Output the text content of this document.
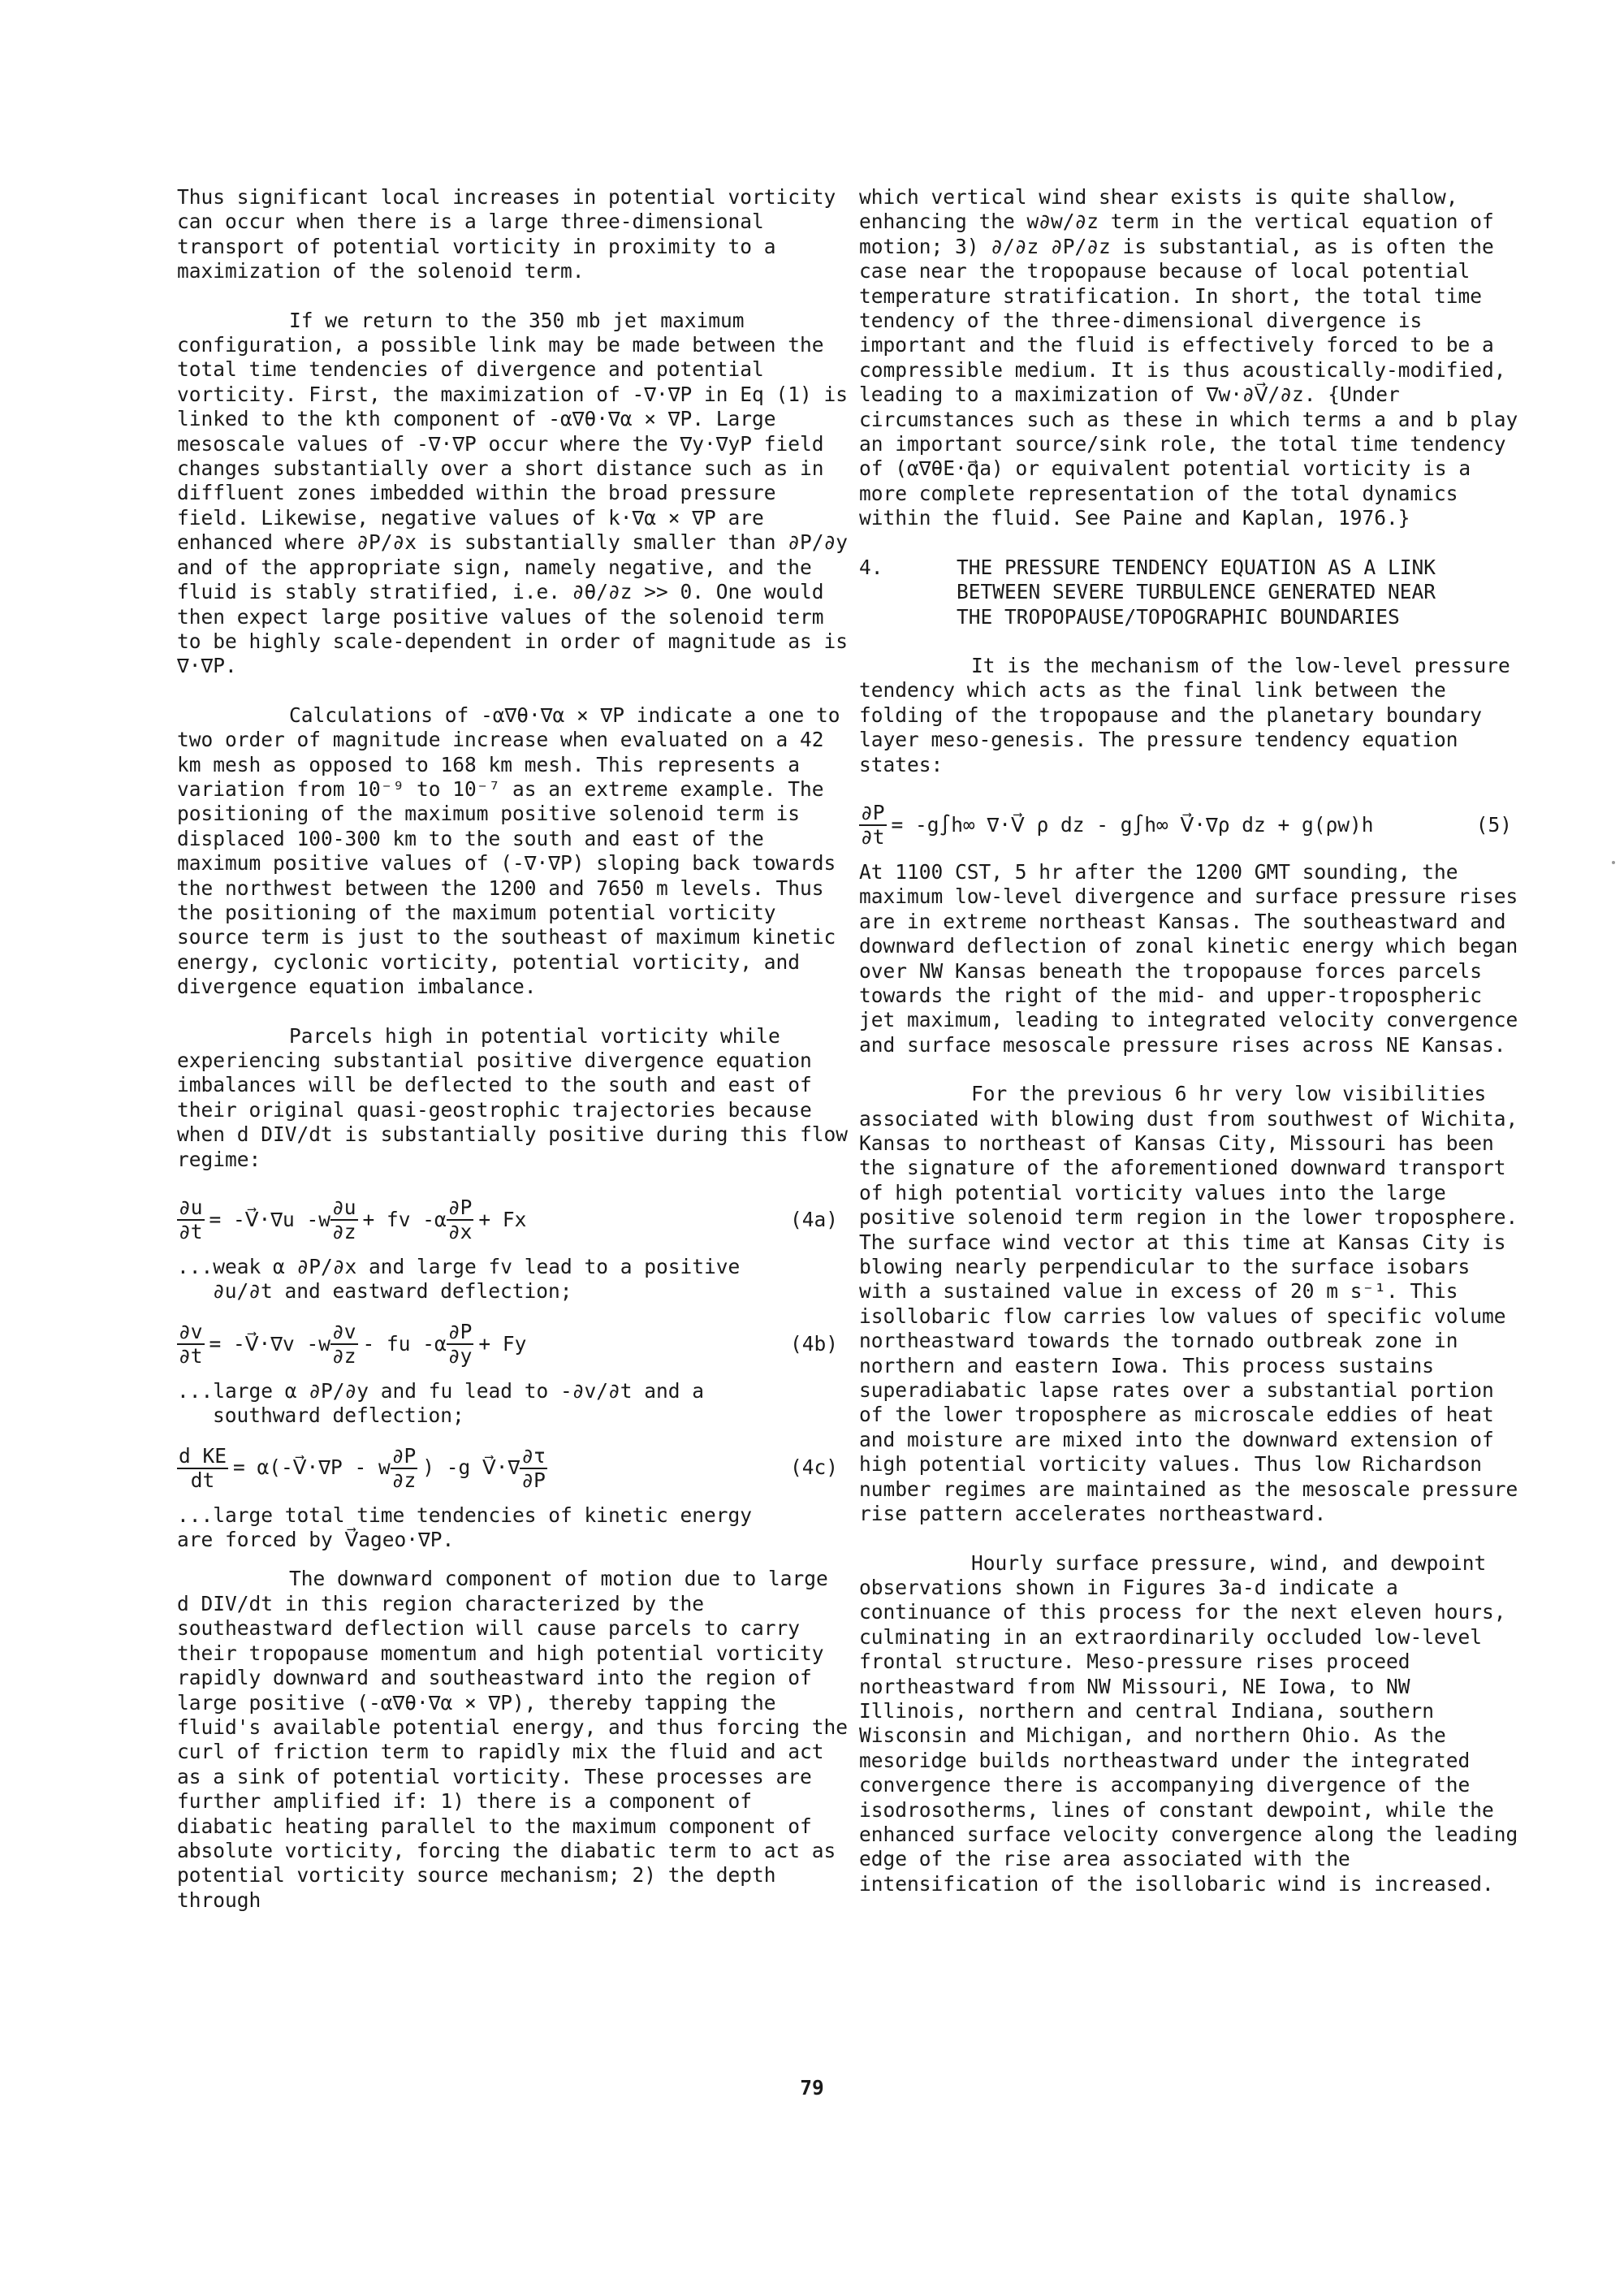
Thus significant local increases in potential vorticity can occur when there is a large three-dimensional transport of potential vorticity in proximity to a maximization of the solenoid term.

If we return to the 350 mb jet maximum configuration, a possible link may be made between the total time tendencies of divergence and potential vorticity. First, the maximization of -∇·∇P in Eq (1) is linked to the kth component of -α∇θ·∇α × ∇P. Large mesoscale values of -∇·∇P occur where the ∇y·∇yP field changes substantially over a short distance such as in diffluent zones imbedded within the broad pressure field. Likewise, negative values of k·∇α × ∇P are enhanced where ∂P/∂x is substantially smaller than ∂P/∂y and of the appropriate sign, namely negative, and the fluid is stably stratified, i.e. ∂θ/∂z >> 0. One would then expect large positive values of the solenoid term to be highly scale-dependent in order of magnitude as is ∇·∇P.

Calculations of -α∇θ·∇α × ∇P indicate a one to two order of magnitude increase when evaluated on a 42 km mesh as opposed to 168 km mesh. This represents a variation from 10⁻⁹ to 10⁻⁷ as an extreme example. The positioning of the maximum positive solenoid term is displaced 100-300 km to the south and east of the maximum positive values of (-∇·∇P) sloping back towards the northwest between the 1200 and 7650 m levels. Thus the positioning of the maximum potential vorticity source term is just to the southeast of maximum kinetic energy, cyclonic vorticity, potential vorticity, and divergence equation imbalance.

Parcels high in potential vorticity while experiencing substantial positive divergence equation imbalances will be deflected to the south and east of their original quasi-geostrophic trajectories because when d DIV/dt is substantially positive during this flow regime:

$\frac{\partial u}{\partial t}$ = -V⃗·∇u $-w \frac{\partial u}{\partial z}$ + fv $-\alpha \frac{\partial P}{\partial x} + Fx$	(4a)

...weak α ∂P/∂x and large fv lead to a positive
∂u/∂t and eastward deflection;

$\frac{\partial v}{\partial t}$ = -V⃗·∇v $-w \frac{\partial v}{\partial z}$ - fu $-\alpha \frac{\partial P}{\partial y} + Fy$	(4b)

...large α ∂P/∂y and fu lead to -∂v/∂t and a
southward deflection;

$\frac{\text{d KE}}{dt}$ = α(-V⃗·∇P - w $\frac{\partial P}{\partial z}$ ) -g V⃗·∇ $\frac{\partial\tau}{\partial P}$	(4c)

...large total time tendencies of kinetic energy
are forced by V⃗ageo·∇P.

The downward component of motion due to large d DIV/dt in this region characterized by the southeastward deflection will cause parcels to carry their tropopause momentum and high potential vorticity rapidly downward and southeastward into the region of large positive (-α∇θ·∇α × ∇P), thereby tapping the fluid's available potential energy, and thus forcing the curl of friction term to rapidly mix the fluid and act as a sink of potential vorticity. These processes are further amplified if: 1) there is a component of diabatic heating parallel to the maximum component of absolute vorticity, forcing the diabatic term to act as potential vorticity source mechanism; 2) the depth through

which vertical wind shear exists is quite shallow, enhancing the w∂w/∂z term in the vertical equation of motion; 3) ∂/∂z ∂P/∂z is substantial, as is often the case near the tropopause because of local potential temperature stratification. In short, the total time tendency of the three-dimensional divergence is important and the fluid is effectively forced to be a compressible medium. It is thus acoustically-modified, leading to a maximization of ∇w·∂V⃗/∂z. {Under circumstances such as these in which terms a and b play an important source/sink role, the total time tendency of (α∇θE·q⃗a) or equivalent potential vorticity is a more complete representation of the total dynamics within the fluid. See Paine and Kaplan, 1976.}

4.	THE PRESSURE TENDENCY EQUATION AS A LINK
BETWEEN SEVERE TURBULENCE GENERATED NEAR
THE TROPOPAUSE/TOPOGRAPHIC BOUNDARIES

It is the mechanism of the low-level pressure tendency which acts as the final link between the folding of the tropopause and the planetary boundary layer meso-genesis. The pressure tendency equation states:

$\frac{\partial P}{\partial t} = -g\int h\infty$ ∇·V⃗ ρ dz - g∫h∞ V⃗·∇ρ dz + g(ρw)h	(5)

At 1100 CST, 5 hr after the 1200 GMT sounding, the maximum low-level divergence and surface pressure rises are in extreme northeast Kansas. The southeastward and downward deflection of zonal kinetic energy which began over NW Kansas beneath the tropopause forces parcels towards the right of the mid- and upper-tropospheric jet maximum, leading to integrated velocity convergence and surface mesoscale pressure rises across NE Kansas.

For the previous 6 hr very low visibilities associated with blowing dust from southwest of Wichita, Kansas to northeast of Kansas City, Missouri has been the signature of the aforementioned downward transport of high potential vorticity values into the large positive solenoid term region in the lower troposphere. The surface wind vector at this time at Kansas City is blowing nearly perpendicular to the surface isobars with a sustained value in excess of 20 m s⁻¹. This isollobaric flow carries low values of specific volume northeastward towards the tornado outbreak zone in northern and eastern Iowa. This process sustains superadiabatic lapse rates over a substantial portion of the lower troposphere as microscale eddies of heat and moisture are mixed into the downward extension of high potential vorticity values. Thus low Richardson number regimes are maintained as the mesoscale pressure rise pattern accelerates northeastward.

Hourly surface pressure, wind, and dewpoint observations shown in Figures 3a-d indicate a continuance of this process for the next eleven hours, culminating in an extraordinarily occluded low-level frontal structure. Meso-pressure rises proceed northeastward from NW Missouri, NE Iowa, to NW Illinois, northern and central Indiana, southern Wisconsin and Michigan, and northern Ohio. As the mesoridge builds northeastward under the integrated convergence there is accompanying divergence of the isodrosotherms, lines of constant dewpoint, while the enhanced surface velocity convergence along the leading edge of the rise area associated with the intensification of the isollobaric wind is increased.

79
